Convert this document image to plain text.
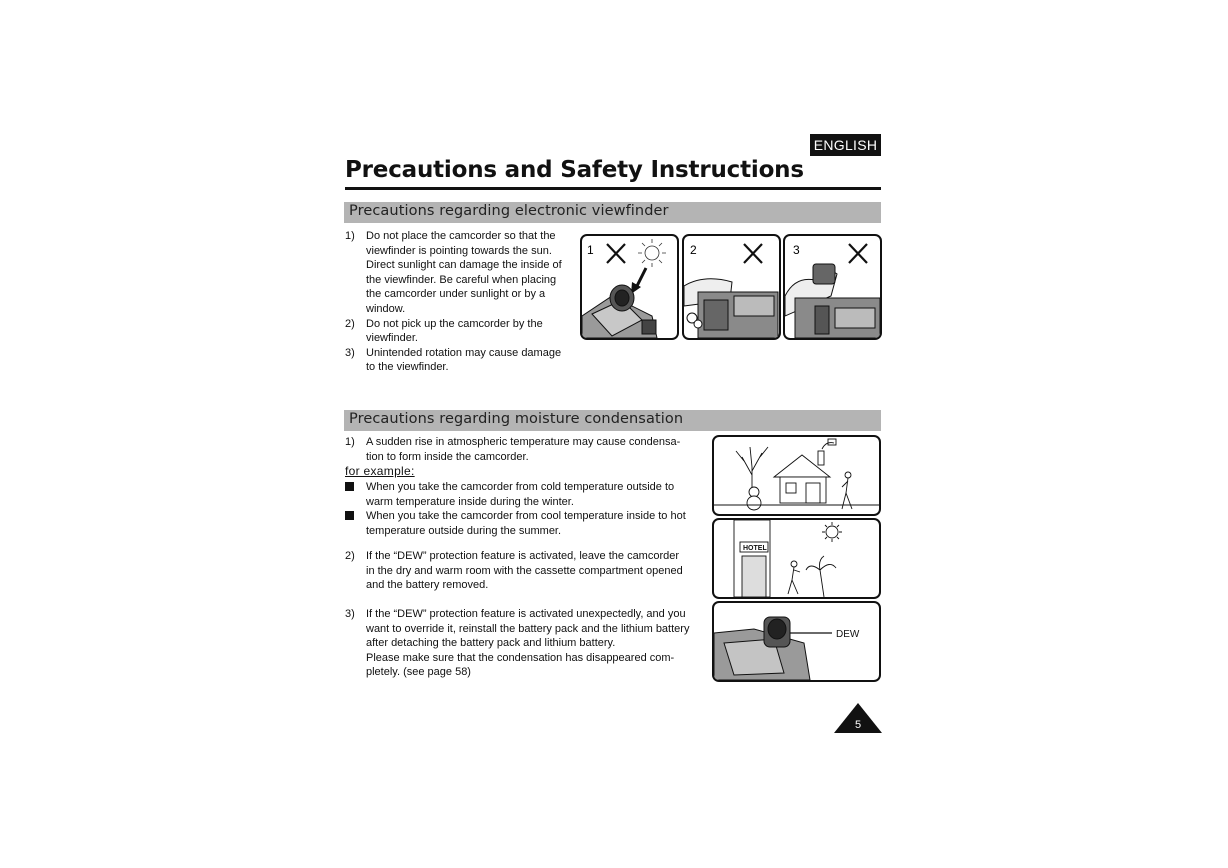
ENGLISH
Precautions and Safety Instructions
Precautions regarding electronic viewfinder
1) Do not place the camcorder so that the
viewfinder is pointing towards the sun.
Direct sunlight can damage the inside of
the viewfinder. Be careful when placing
the camcorder under sunlight or by a
window.
2) Do not pick up the camcorder by the
viewfinder.
3) Unintended rotation may cause damage
to the viewfinder.
1	2	3
Precautions regarding moisture condensation
1) A sudden rise in atmospheric temperature may cause condensa-
tion to form inside the camcorder.
for example:
When you take the camcorder from cold temperature outside to
warm temperature inside during the winter.
When you take the camcorder from cool temperature inside to hot
temperature outside during the summer.
2) If the “DEW” protection feature is activated, leave the camcorder
in the dry and warm room with the cassette compartment opened
and the battery removed.
3) If the “DEW” protection feature is activated unexpectedly, and you
want to override it, reinstall the battery pack and the lithium battery
after detaching the battery pack and lithium battery.
Please make sure that the condensation has disappeared com-
pletely. (see page 58)
HOTEL
DEW
5
